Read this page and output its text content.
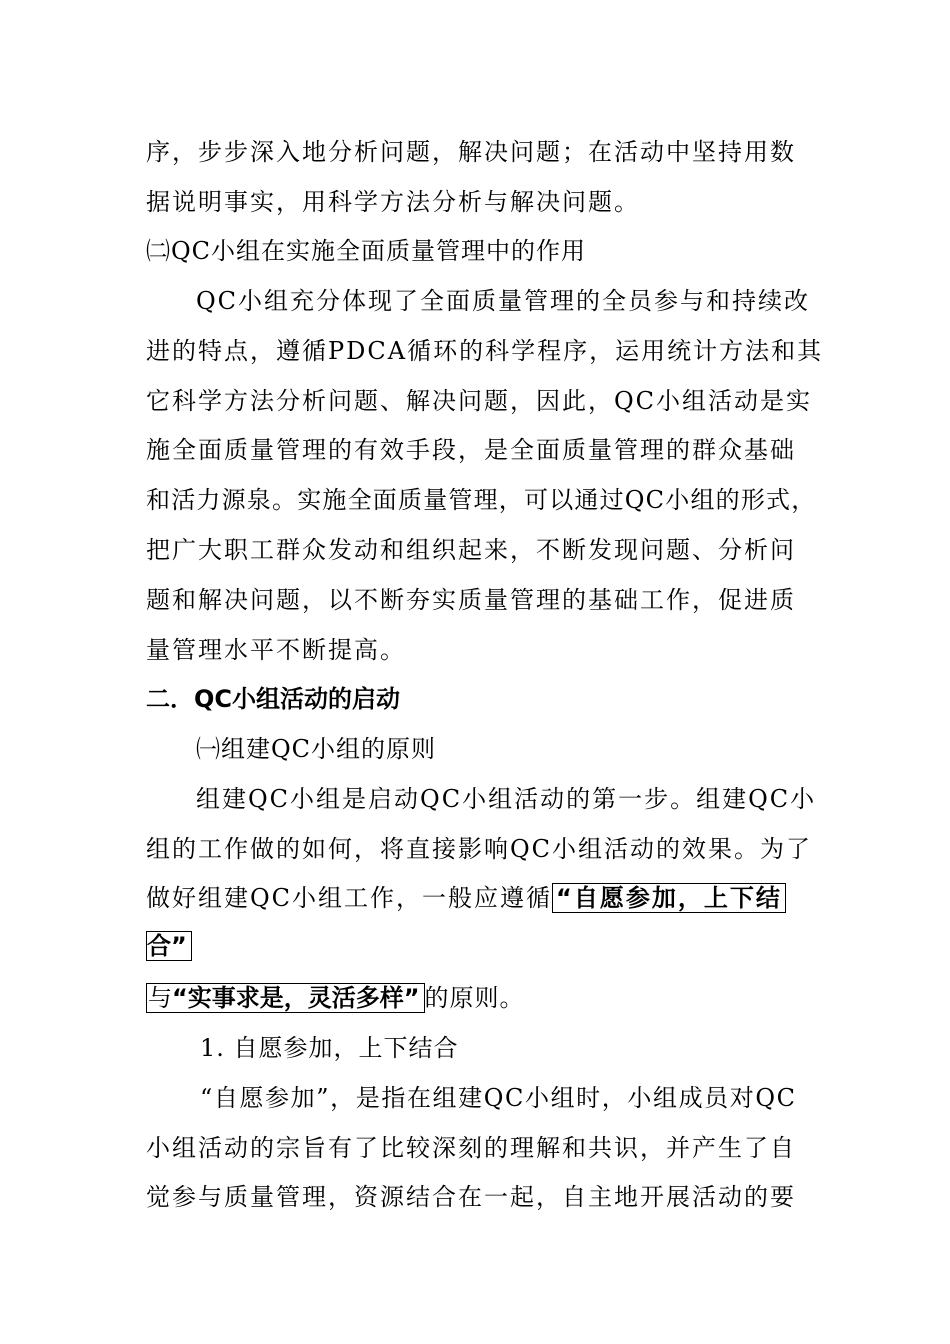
序，步步深入地分析问题，解决问题；在活动中坚持用数
据说明事实，用科学方法分析与解决问题。
㈡QC小组在实施全面质量管理中的作用
QC小组充分体现了全面质量管理的全员参与和持续改
进的特点，遵循PDCA循环的科学程序，运用统计方法和其
它科学方法分析问题、解决问题，因此，QC小组活动是实
施全面质量管理的有效手段，是全面质量管理的群众基础
和活力源泉。实施全面质量管理，可以通过QC小组的形式，
把广大职工群众发动和组织起来，不断发现问题、分析问
题和解决问题，以不断夯实质量管理的基础工作，促进质
量管理水平不断提高。
二．QC小组活动的启动
㈠组建QC小组的原则
组建QC小组是启动QC小组活动的第一步。组建QC小
组的工作做的如何，将直接影响QC小组活动的效果。为了
做好组建QC小组工作，一般应遵循 “自愿参加，上下结
合”
与“实事求是，灵活多样” 的原则。
1. 自愿参加，上下结合
“自愿参加”，是指在组建QC小组时，小组成员对QC
小组活动的宗旨有了比较深刻的理解和共识，并产生了自
觉参与质量管理，资源结合在一起，自主地开展活动的要
